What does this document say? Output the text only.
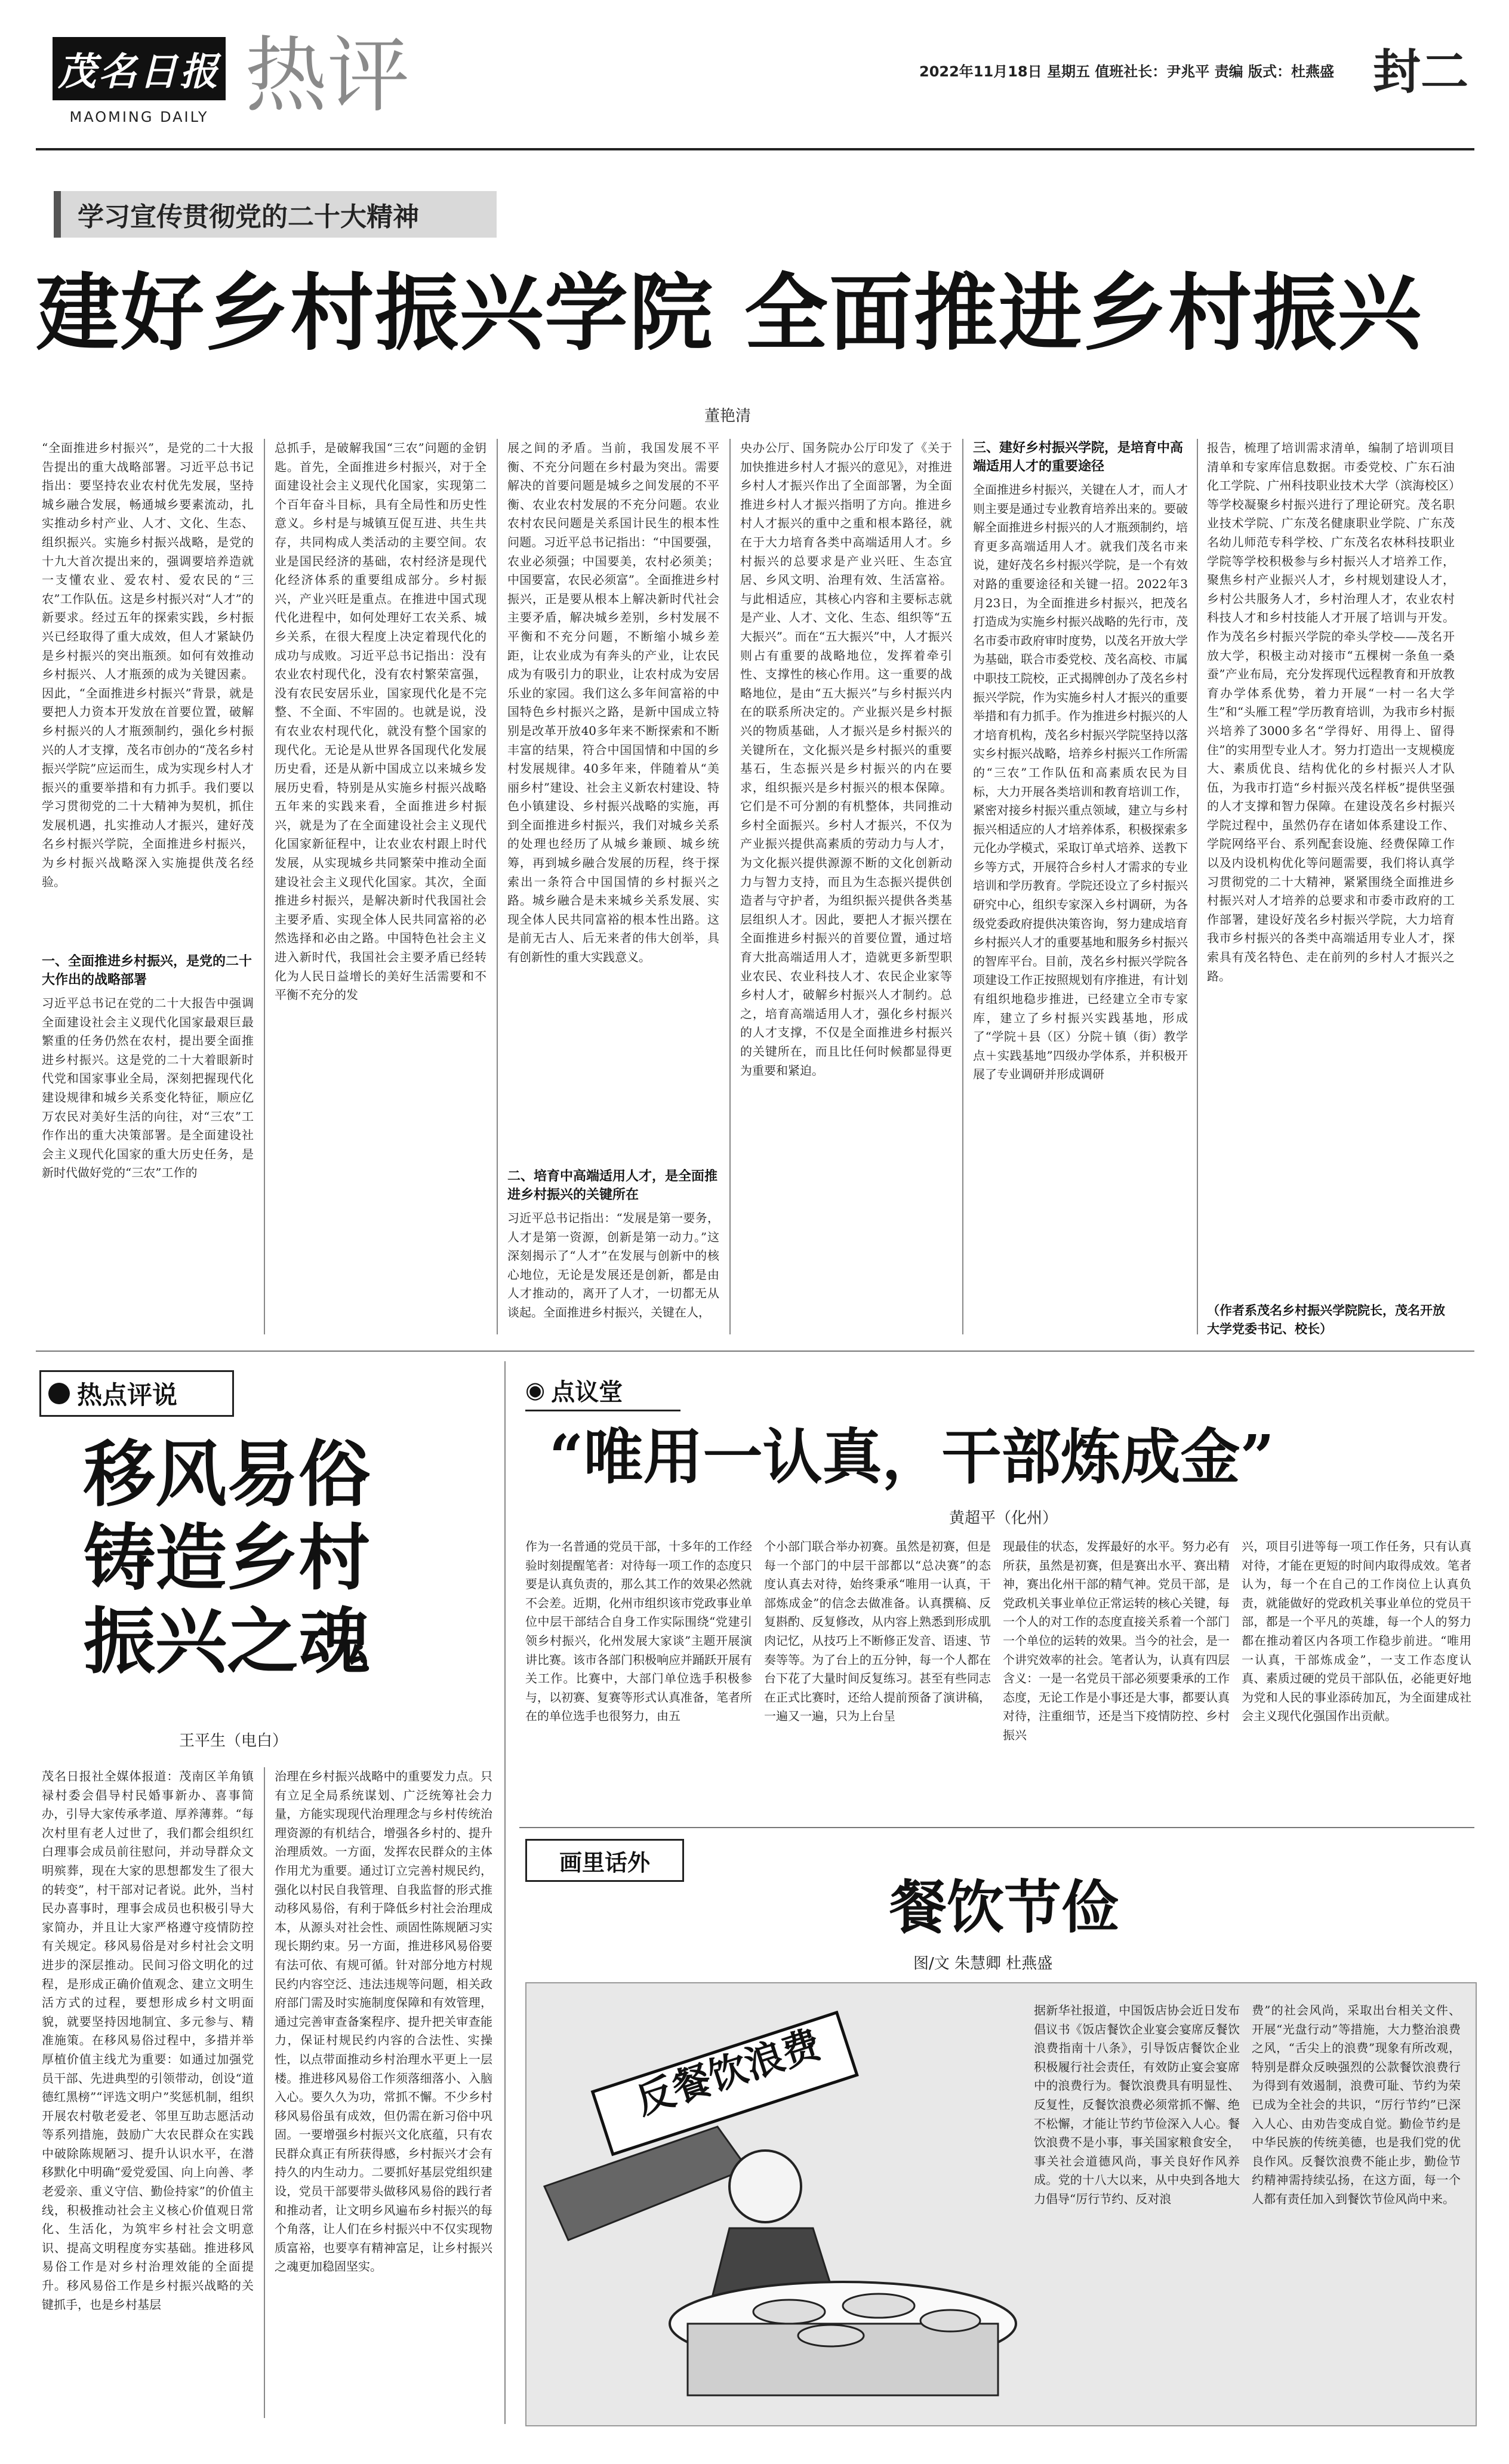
茂名日报
MAOMING DAILY 热评	2022年11月18日 星期五 值班社长：尹兆平 责编 版式：杜燕盛 封二
学习宣传贯彻党的二十大精神
建好乡村振兴学院 全面推进乡村振兴
董艳清
“全面推进乡村振兴”，是党的二十大报告提出的重大战略部署。习近平总书记指出：要坚持农业农村优先发展，坚持城乡融合发展，畅通城乡要素流动，扎实推动乡村产业、人才、文化、生态、组织振兴。实施乡村振兴战略，是党的十九大首次提出来的，强调要培养造就一支懂农业、爱农村、爱农民的“三农”工作队伍。这是乡村振兴对“人才”的新要求。经过五年的探索实践，乡村振兴已经取得了重大成效，但人才紧缺仍是乡村振兴的突出瓶颈。如何有效推动乡村振兴、人才瓶颈的成为关键因素。因此，“全面推进乡村振兴”背景，就是要把人力资本开发放在首要位置，破解乡村振兴的人才瓶颈制约，强化乡村振兴的人才支撑，茂名市创办的“茂名乡村振兴学院”应运而生，成为实现乡村人才振兴的重要举措和有力抓手。我们要以学习贯彻党的二十大精神为契机，抓住发展机遇，扎实推动人才振兴，建好茂名乡村振兴学院，全面推进乡村振兴，为乡村振兴战略深入实施提供茂名经验。
一、全面推进乡村振兴，是党的二十大作出的战略部署
习近平总书记在党的二十大报告中强调全面建设社会主义现代化国家最艰巨最繁重的任务仍然在农村，提出要全面推进乡村振兴。这是党的二十大着眼新时代党和国家事业全局，深刻把握现代化建设规律和城乡关系变化特征，顺应亿万农民对美好生活的向往，对“三农”工作作出的重大决策部署。是全面建设社会主义现代化国家的重大历史任务，是新时代做好党的“三农”工作的
总抓手，是破解我国“三农”问题的金钥匙。首先，全面推进乡村振兴，对于全面建设社会主义现代化国家，实现第二个百年奋斗目标，具有全局性和历史性意义。乡村是与城镇互促互进、共生共存，共同构成人类活动的主要空间。农业是国民经济的基础，农村经济是现代化经济体系的重要组成部分。乡村振兴，产业兴旺是重点。在推进中国式现代化进程中，如何处理好工农关系、城乡关系，在很大程度上决定着现代化的成功与成败。习近平总书记指出：没有农业农村现代化，没有农村繁荣富强，没有农民安居乐业，国家现代化是不完整、不全面、不牢固的。也就是说，没有农业农村现代化，就没有整个国家的现代化。无论是从世界各国现代化发展历史看，还是从新中国成立以来城乡发展历史看，特别是从实施乡村振兴战略五年来的实践来看，全面推进乡村振兴，就是为了在全面建设社会主义现代化国家新征程中，让农业农村跟上时代发展，从实现城乡共同繁荣中推动全面建设社会主义现代化国家。其次，全面推进乡村振兴，是解决新时代我国社会主要矛盾、实现全体人民共同富裕的必然选择和必由之路。中国特色社会主义进入新时代，我国社会主要矛盾已经转化为人民日益增长的美好生活需要和不平衡不充分的发
展之间的矛盾。当前，我国发展不平衡、不充分问题在乡村最为突出。需要解决的首要问题是城乡之间发展的不平衡、农业农村发展的不充分问题。农业农村农民问题是关系国计民生的根本性问题。习近平总书记指出：“中国要强，农业必须强；中国要美，农村必须美；中国要富，农民必须富”。全面推进乡村振兴，正是要从根本上解决新时代社会主要矛盾，解决城乡差别，乡村发展不平衡和不充分问题，不断缩小城乡差距，让农业成为有奔头的产业，让农民成为有吸引力的职业，让农村成为安居乐业的家园。我们这么多年间富裕的中国特色乡村振兴之路，是新中国成立特别是改革开放40多年来不断探索和不断丰富的结果，符合中国国情和中国的乡村发展规律。40多年来，伴随着从“美丽乡村”建设、社会主义新农村建设、特色小镇建设、乡村振兴战略的实施，再到全面推进乡村振兴，我们对城乡关系的处理也经历了从城乡兼顾、城乡统筹，再到城乡融合发展的历程，终于探索出一条符合中国国情的乡村振兴之路。城乡融合是未来城乡关系发展、实现全体人民共同富裕的根本性出路。这是前无古人、后无来者的伟大创举，具有创新性的重大实践意义。
二、培育中高端适用人才，是全面推进乡村振兴的关键所在
习近平总书记指出：“发展是第一要务，人才是第一资源，创新是第一动力。”这深刻揭示了“人才”在发展与创新中的核心地位，无论是发展还是创新，都是由人才推动的，离开了人才，一切都无从谈起。全面推进乡村振兴，关键在人，
央办公厅、国务院办公厅印发了《关于加快推进乡村人才振兴的意见》，对推进乡村人才振兴作出了全面部署，为全面推进乡村人才振兴指明了方向。推进乡村人才振兴的重中之重和根本路径，就在于大力培育各类中高端适用人才。乡村振兴的总要求是产业兴旺、生态宜居、乡风文明、治理有效、生活富裕。与此相适应，其核心内容和主要标志就是产业、人才、文化、生态、组织等“五大振兴”。而在“五大振兴”中，人才振兴则占有重要的战略地位，发挥着牵引性、支撑性的核心作用。这一重要的战略地位，是由“五大振兴”与乡村振兴内在的联系所决定的。产业振兴是乡村振兴的物质基础，人才振兴是乡村振兴的关键所在，文化振兴是乡村振兴的重要基石，生态振兴是乡村振兴的内在要求，组织振兴是乡村振兴的根本保障。它们是不可分割的有机整体，共同推动乡村全面振兴。乡村人才振兴，不仅为产业振兴提供高素质的劳动力与人才，为文化振兴提供源源不断的文化创新动力与智力支持，而且为生态振兴提供创造者与守护者，为组织振兴提供各类基层组织人才。因此，要把人才振兴摆在全面推进乡村振兴的首要位置，通过培育大批高端适用人才，造就更多新型职业农民、农业科技人才、农民企业家等乡村人才，破解乡村振兴人才制约。总之，培育高端适用人才，强化乡村振兴的人才支撑，不仅是全面推进乡村振兴的关键所在，而且比任何时候都显得更为重要和紧迫。
三、建好乡村振兴学院，是培育中高端适用人才的重要途径
全面推进乡村振兴，关键在人才，而人才则主要是通过专业教育培养出来的。要破解全面推进乡村振兴的人才瓶颈制约，培育更多高端适用人才。就我们茂名市来说，建好茂名乡村振兴学院，是一个有效对路的重要途径和关键一招。2022年3月23日，为全面推进乡村振兴，把茂名打造成为实施乡村振兴战略的先行市，茂名市委市政府审时度势，以茂名开放大学为基础，联合市委党校、茂名高校、市属中职技工院校，正式揭牌创办了茂名乡村振兴学院，作为实施乡村人才振兴的重要举措和有力抓手。作为推进乡村振兴的人才培育机构，茂名乡村振兴学院坚持以落实乡村振兴战略，培养乡村振兴工作所需的“三农”工作队伍和高素质农民为目标，大力开展各类培训和教育培训工作，紧密对接乡村振兴重点领域，建立与乡村振兴相适应的人才培养体系，积极探索多元化办学模式，采取订单式培养、送教下乡等方式，开展符合乡村人才需求的专业培训和学历教育。学院还设立了乡村振兴研究中心，组织专家深入乡村调研，为各级党委政府提供决策咨询，努力建成培育乡村振兴人才的重要基地和服务乡村振兴的智库平台。目前，茂名乡村振兴学院各项建设工作正按照规划有序推进，有计划有组织地稳步推进，已经建立全市专家库，建立了乡村振兴实践基地，形成了“学院＋县（区）分院＋镇（街）教学点＋实践基地”四级办学体系，并积极开展了专业调研并形成调研
报告，梳理了培训需求清单，编制了培训项目清单和专家库信息数据。市委党校、广东石油化工学院、广州科技职业技术大学（滨海校区）等学校凝聚乡村振兴进行了理论研究。茂名职业技术学院、广东茂名健康职业学院、广东茂名幼儿师范专科学校、广东茂名农林科技职业学院等学校积极参与乡村振兴人才培养工作，聚焦乡村产业振兴人才，乡村规划建设人才，乡村公共服务人才，乡村治理人才，农业农村科技人才和乡村技能人才开展了培训与开发。作为茂名乡村振兴学院的牵头学校——茂名开放大学，积极主动对接市“五棵树一条鱼一桑蚕”产业布局，充分发挥现代远程教育和开放教育办学体系优势，着力开展“一村一名大学生”和“头雁工程”学历教育培训，为我市乡村振兴培养了3000多名“学得好、用得上、留得住”的实用型专业人才。努力打造出一支规模庞大、素质优良、结构优化的乡村振兴人才队伍，为我市打造“乡村振兴茂名样板”提供坚强的人才支撑和智力保障。在建设茂名乡村振兴学院过程中，虽然仍存在诸如体系建设工作、学院网络平台、系列配套设施、经费保障工作以及内设机构优化等问题需要，我们将认真学习贯彻党的二十大精神，紧紧围绕全面推进乡村振兴对人才培养的总要求和市委市政府的工作部署，建设好茂名乡村振兴学院，大力培育我市乡村振兴的各类中高端适用专业人才，探索具有茂名特色、走在前列的乡村人才振兴之路。
（作者系茂名乡村振兴学院院长，茂名开放大学党委书记、校长）
热点评说
移风易俗
铸造乡村
振兴之魂
王平生（电白）
茂名日报社全媒体报道：茂南区羊角镇禄村委会倡导村民婚事新办、喜事简办，引导大家传承孝道、厚养薄葬。“每次村里有老人过世了，我们都会组织红白理事会成员前往慰问，并动导群众文明殡葬，现在大家的思想都发生了很大的转变”，村干部对记者说。此外，当村民办喜事时，理事会成员也积极引导大家简办，并且让大家严格遵守疫情防控有关规定。移风易俗是对乡村社会文明进步的深层推动。民间习俗文明化的过程，是形成正确价值观念、建立文明生活方式的过程，要想形成乡村文明面貌，就要坚持因地制宜、多元参与、精准施策。在移风易俗过程中，多措并举厚植价值主线尤为重要：如通过加强党员干部、先进典型的引领带动，创设“道德红黑榜”“评选文明户”奖惩机制，组织开展农村敬老爱老、邻里互助志愿活动等系列措施，鼓励广大农民群众在实践中破除陈规陋习、提升认识水平，在潜移默化中明确“爱党爱国、向上向善、孝老爱亲、重义守信、勤俭持家”的价值主线，积极推动社会主义核心价值观日常化、生活化，为筑牢乡村社会文明意识、提高文明程度夯实基础。推进移风易俗工作是对乡村治理效能的全面提升。移风易俗工作是乡村振兴战略的关键抓手，也是乡村基层
治理在乡村振兴战略中的重要发力点。只有立足全局系统谋划、广泛统筹社会力量，方能实现现代治理理念与乡村传统治理资源的有机结合，增强各乡村的、提升治理质效。一方面，发挥农民群众的主体作用尤为重要。通过订立完善村规民约，强化以村民自我管理、自我监督的形式推动移风易俗，有利于降低乡村社会治理成本，从源头对社会性、顽固性陈规陋习实现长期约束。另一方面，推进移风易俗要有法可依、有规可循。针对部分地方村规民约内容空泛、违法违规等问题，相关政府部门需及时实施制度保障和有效管理，通过完善审查备案程序、提升把关审查能力，保证村规民约内容的合法性、实操性，以点带面推动乡村治理水平更上一层楼。推进移风易俗工作须落细落小、入脑入心。要久久为功，常抓不懈。不少乡村移风易俗虽有成效，但仍需在新习俗中巩固。一要增强乡村振兴文化底蕴，只有农民群众真正有所获得感，乡村振兴才会有持久的内生动力。二要抓好基层党组织建设，党员干部要带头做移风易俗的践行者和推动者，让文明乡风遍布乡村振兴的每个角落，让人们在乡村振兴中不仅实现物质富裕，也要享有精神富足，让乡村振兴之魂更加稳固坚实。
◉ 点议堂
“唯用一认真，干部炼成金”
黄超平（化州）
作为一名普通的党员干部，十多年的工作经验时刻提醒笔者：对待每一项工作的态度只要是认真负责的，那么其工作的效果必然就不会差。近期，化州市组织该市党政事业单位中层干部结合自身工作实际围绕“党建引领乡村振兴，化州发展大家谈”主题开展演讲比赛。该市各部门积极响应并踊跃开展有关工作。比赛中，大部门单位选手积极参与，以初赛、复赛等形式认真准备，笔者所在的单位选手也很努力，由五
个小部门联合举办初赛。虽然是初赛，但是每一个部门的中层干部都以“总决赛”的态度认真去对待，始终秉承“唯用一认真，干部炼成金”的信念去做准备。认真撰稿、反复斟酌、反复修改，从内容上熟悉到形成肌肉记忆，从技巧上不断修正发音、语速、节奏等等。为了台上的五分钟，每一个人都在台下花了大量时间反复练习。甚至有些同志在正式比赛时，还给人提前预备了演讲稿，一遍又一遍，只为上台呈
现最佳的状态，发挥最好的水平。努力必有所获，虽然是初赛，但是赛出水平、赛出精神，赛出化州干部的精气神。党员干部，是党政机关事业单位正常运转的核心关键，每一个人的对工作的态度直接关系着一个部门一个单位的运转的效果。当今的社会，是一个讲究效率的社会。笔者认为，认真有四层含义：一是一名党员干部必须要秉承的工作态度，无论工作是小事还是大事，都要认真对待，注重细节，还是当下疫情防控、乡村振兴
兴，项目引进等每一项工作任务，只有认真对待，才能在更短的时间内取得成效。笔者认为，每一个在自己的工作岗位上认真负责，就能做好的党政机关事业单位的党员干部，都是一个平凡的英雄，每一个人的努力都在推动着区内各项工作稳步前进。“唯用一认真，干部炼成金”，一支工作态度认真、素质过硬的党员干部队伍，必能更好地为党和人民的事业添砖加瓦，为全面建成社会主义现代化强国作出贡献。
画里话外
餐饮节俭
图/文 朱慧卿 杜燕盛
反餐饮浪费
据新华社报道，中国饭店协会近日发布倡议书《饭店餐饮企业宴会宴席反餐饮浪费指南十八条》，引导饭店餐饮企业积极履行社会责任，有效防止宴会宴席中的浪费行为。餐饮浪费具有明显性、反复性，反餐饮浪费必须常抓不懈、绝不松懈，才能让节约节俭深入人心。餐饮浪费不是小事，事关国家粮食安全，事关社会道德风尚，事关良好作风养成。党的十八大以来，从中央到各地大力倡导“厉行节约、反对浪
费”的社会风尚，采取出台相关文件、开展“光盘行动”等措施，大力整治浪费之风，“舌尖上的浪费”现象有所改观，特别是群众反映强烈的公款餐饮浪费行为得到有效遏制，浪费可耻、节约为荣已成为全社会的共识，“厉行节约”已深入人心、由劝告变成自觉。勤俭节约是中华民族的传统美德，也是我们党的优良作风。反餐饮浪费不能止步，勤俭节约精神需持续弘扬，在这方面，每一个人都有责任加入到餐饮节俭风尚中来。
